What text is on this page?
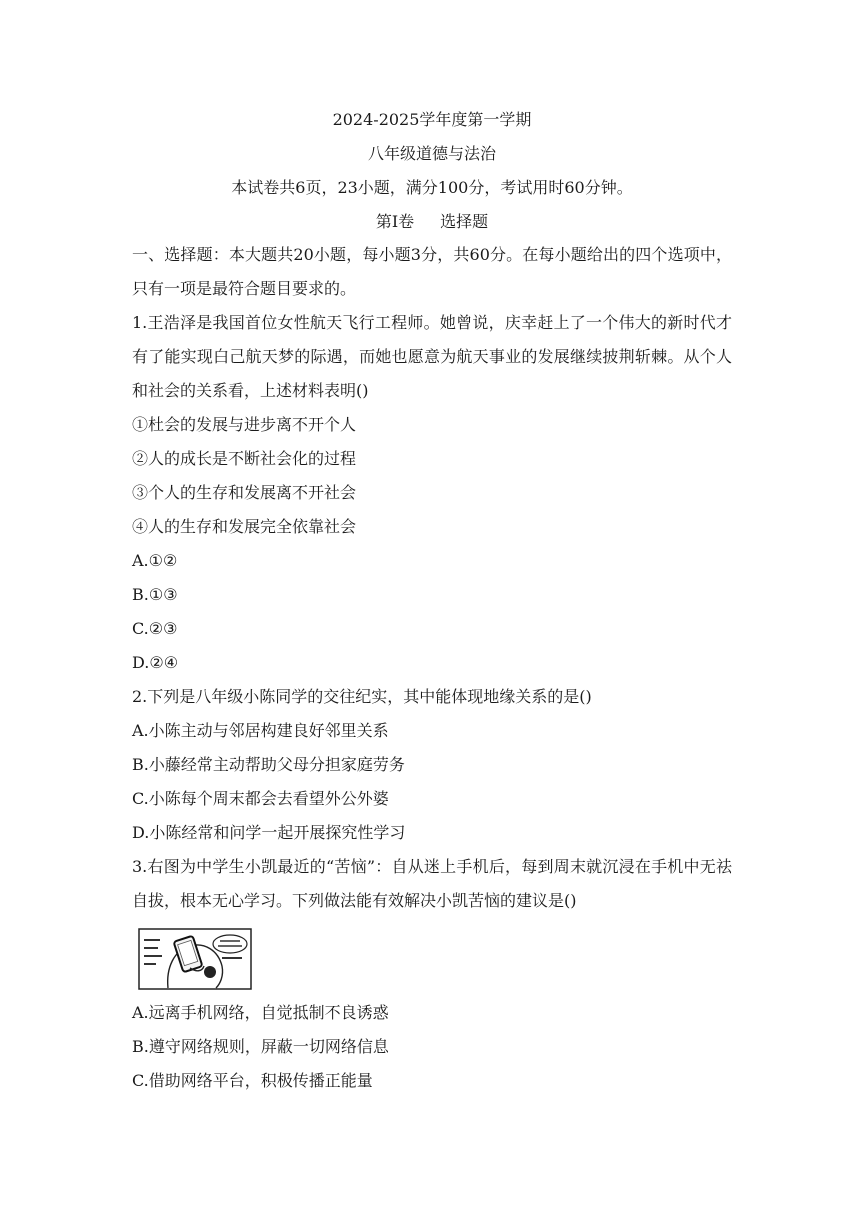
2024-2025学年度第一学期

八年级道德与法治

本试卷共6页，23小题，满分100分，考试用时60分钟。

第I卷 选择题

一、选择题：本大题共20小题，每小题3分，共60分。在每小题给出的四个选项中，只有一项是最符合题目要求的。

1.王浩泽是我国首位女性航天飞行工程师。她曾说，庆幸赶上了一个伟大的新时代才有了能实现白己航天梦的际遇，而她也愿意为航天事业的发展继续披荆斩棘。从个人和社会的关系看，上述材料表明()

①杜会的发展与进步离不开个人

②人的成长是不断社会化的过程

③个人的生存和发展离不开社会

④人的生存和发展完全依靠社会

A.①②

B.①③

C.②③

D.②④

2.下列是八年级小陈同学的交往纪实，其中能体现地缘关系的是()

A.小陈主动与邻居构建良好邻里关系

B.小藤经常主动帮助父母分担家庭劳务

C.小陈每个周末都会去看望外公外婆

D.小陈经常和问学一起开展探究性学习

3.右图为中学生小凯最近的“苦恼”：自从迷上手机后，每到周末就沉浸在手机中无祛自拔，根本无心学习。下列做法能有效解决小凯苦恼的建议是()

A.远离手机网络，自觉抵制不良诱惑

B.遵守网络规则，屏蔽一切网络信息

C.借助网络平台，积极传播正能量
